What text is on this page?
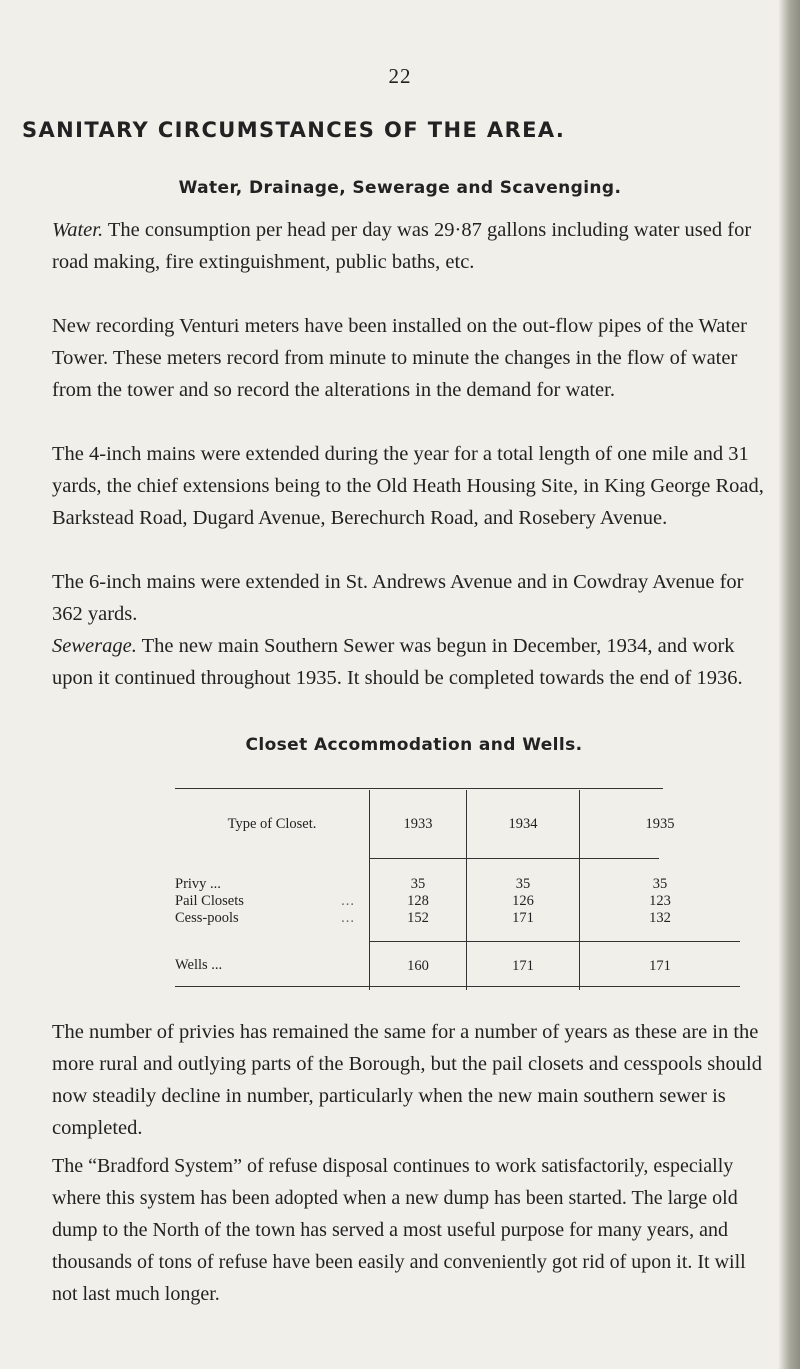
22
SANITARY CIRCUMSTANCES OF THE AREA.
Water, Drainage, Sewerage and Scavenging.

Water. The consumption per head per day was 29·87 gallons including water used for road making, fire extinguishment, public baths, etc.

New recording Venturi meters have been installed on the out-flow pipes of the Water Tower. These meters record from minute to minute the changes in the flow of water from the tower and so record the alterations in the demand for water.

The 4-inch mains were extended during the year for a total length of one mile and 31 yards, the chief extensions being to the Old Heath Housing Site, in King George Road, Barkstead Road, Dugard Avenue, Berechurch Road, and Rosebery Avenue.

The 6-inch mains were extended in St. Andrews Avenue and in Cowdray Avenue for 362 yards.

Sewerage. The new main Southern Sewer was begun in December, 1934, and work upon it continued throughout 1935. It should be completed towards the end of 1936.

Closet Accommodation and Wells.
Type of Closet.	1933	1934	1935
Privy ...	35	35	35
Pail Closets ...	128	126	123
Cess-pools ...	152	171	132
Wells ...	160	171	171

The number of privies has remained the same for a number of years as these are in the more rural and outlying parts of the Borough, but the pail closets and cesspools should now steadily decline in number, particularly when the new main southern sewer is completed.

The “Bradford System” of refuse disposal continues to work satisfactorily, especially where this system has been adopted when a new dump has been started. The large old dump to the North of the town has served a most useful purpose for many years, and thousands of tons of refuse have been easily and conveniently got rid of upon it. It will not last much longer.
